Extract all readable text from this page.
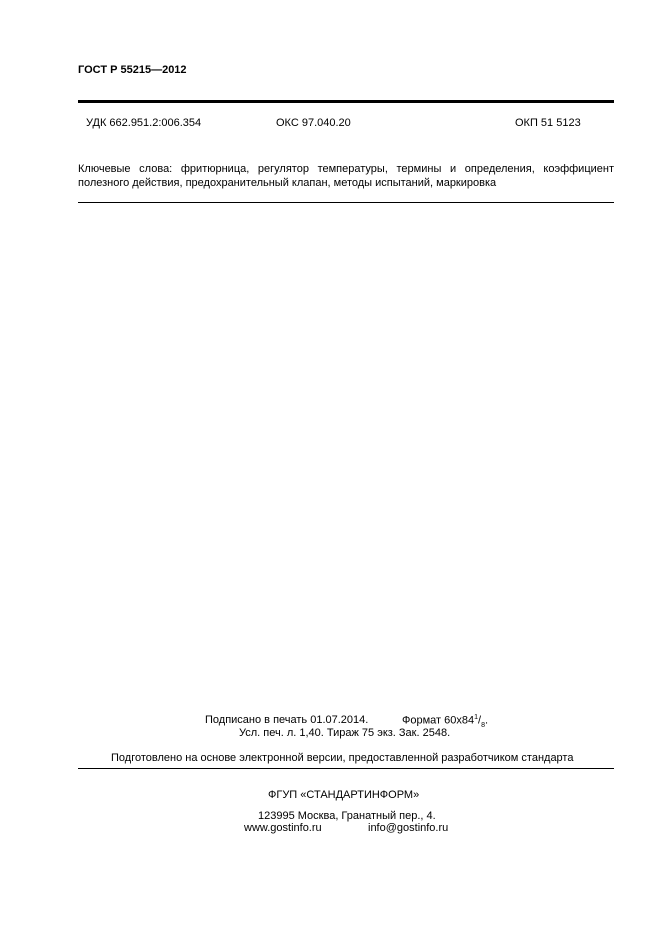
ГОСТ Р 55215—2012
УДК 662.951.2:006.354	ОКС 97.040.20	ОКП 51 5123
Ключевые слова: фритюрница, регулятор температуры, термины и определения, коэффициент полезного действия, предохранительный клапан, методы испытаний, маркировка
Подписано в печать 01.07.2014.	Формат $60х84^1/_8$.
Усл. печ. л. 1,40. Тираж 75 экз. Зак. 2548.
Подготовлено на основе электронной версии, предоставленной разработчиком стандарта
ФГУП «СТАНДАРТИНФОРМ»
123995 Москва, Гранатный пер., 4.
www.gostinfo.ru	info@gostinfo.ru
